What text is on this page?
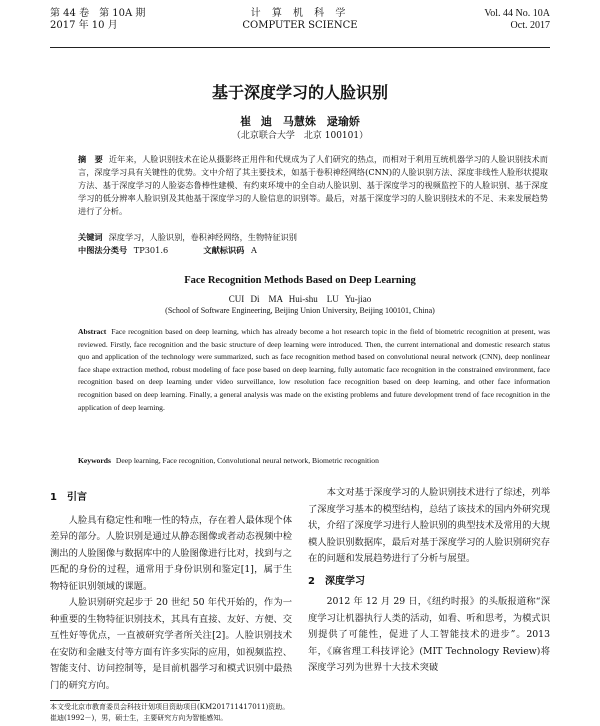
第 44 卷　第 10A 期
2017 年 10 月
计 算 机 科 学
COMPUTER SCIENCE
Vol. 44 No. 10A
Oct. 2017
基于深度学习的人脸识别
崔 迪　马慧姝　逯瑜娇
（北京联合大学　北京 100101）
摘　要 近年来，人脸识别技术在论从摄影终正用件和代规成为了人们研究的热点，而相对于利用互统机器学习的人脸识别技术而言，深度学习具有关键性的优势。文中介绍了其主要技术，如基于卷积神经网络(CNN)的人脸识别方法、深度非线性人脸形状提取方法、基于深度学习的人脸姿态鲁棒性建模、有约束环境中的全自动人脸识别、基于深度学习的视频监控下的人脸识别、基于深度学习的低分辨率人脸识别及其他基于深度学习的人脸信息的识别等。最后，对基于深度学习的人脸识别技术的不足、未来发展趋势进行了分析。
关键词 深度学习，人脸识别，卷积神经网络，生物特征识别
中图法分类号 TP301.6	文献标识码 A
Face Recognition Methods Based on Deep Learning
CUI Di　MA Hui-shu　LU Yu-jiao
(School of Software Engineering, Beijing Union University, Beijing 100101, China)
Abstract Face recognition based on deep learning, which has already become a hot research topic in the field of biometric recognition at present, was reviewed. Firstly, face recognition and the basic structure of deep learning were introduced. Then, the current international and domestic research status quo and application of the technology were summarized, such as face recognition method based on convolutional neural network (CNN), deep nonlinear face shape extraction method, robust modeling of face pose based on deep learning, fully automatic face recognition in the constrained environment, face recognition based on deep learning under video surveillance, low resolution face recognition based on deep learning, and other face information recognition based on deep learning. Finally, a general analysis was made on the existing problems and future development trend of face recognition in the application of deep learning.
Keywords Deep learning, Face recognition, Convolutional neural network, Biometric recognition
1 引言

人脸具有稳定性和唯一性的特点，存在着人最体现个体差异的部分。人脸识别是通过从静态图像或者动态视频中检测出的人脸图像与数据库中的人脸图像进行比对，找到与之匹配的身份的过程，通常用于身份识别和鉴定[1]，属于生物特征识别领域的课题。

人脸识别研究起步于 20 世纪 50 年代开始的，作为一种重要的生物特征识别技术，其具有直接、友好、方便、交互性好等优点，一直被研究学者所关注[2]。人脸识别技术在安防和金融支付等方面有许多实际的应用，如视频监控、智能支付、访问控制等，是目前机器学习和模式识别中最热门的研究方向。

本文对基于深度学习的人脸识别技术进行了综述，列举了深度学习基本的模型结构，总结了该技术的国内外研究现状，介绍了深度学习进行人脸识别的典型技术及常用的大规模人脸识别数据库，最后对基于深度学习的人脸识别研究存在的问题和发展趋势进行了分析与展望。

2 深度学习

2012 年 12 月 29 日，《纽约时报》的头版报道称“深度学习让机器执行人类的活动，如看、听和思考，为模式识别提供了可能性，促进了人工智能技术的进步”。2013 年，《麻省理工科技评论》(MIT Technology Review)将深度学习列为世界十大技术突破

本文受北京市教育委员会科技计划项目资助项目(KM201711417011)资助。
崔迪(1992－)，男，硕士生，主要研究方向为智能感知。
